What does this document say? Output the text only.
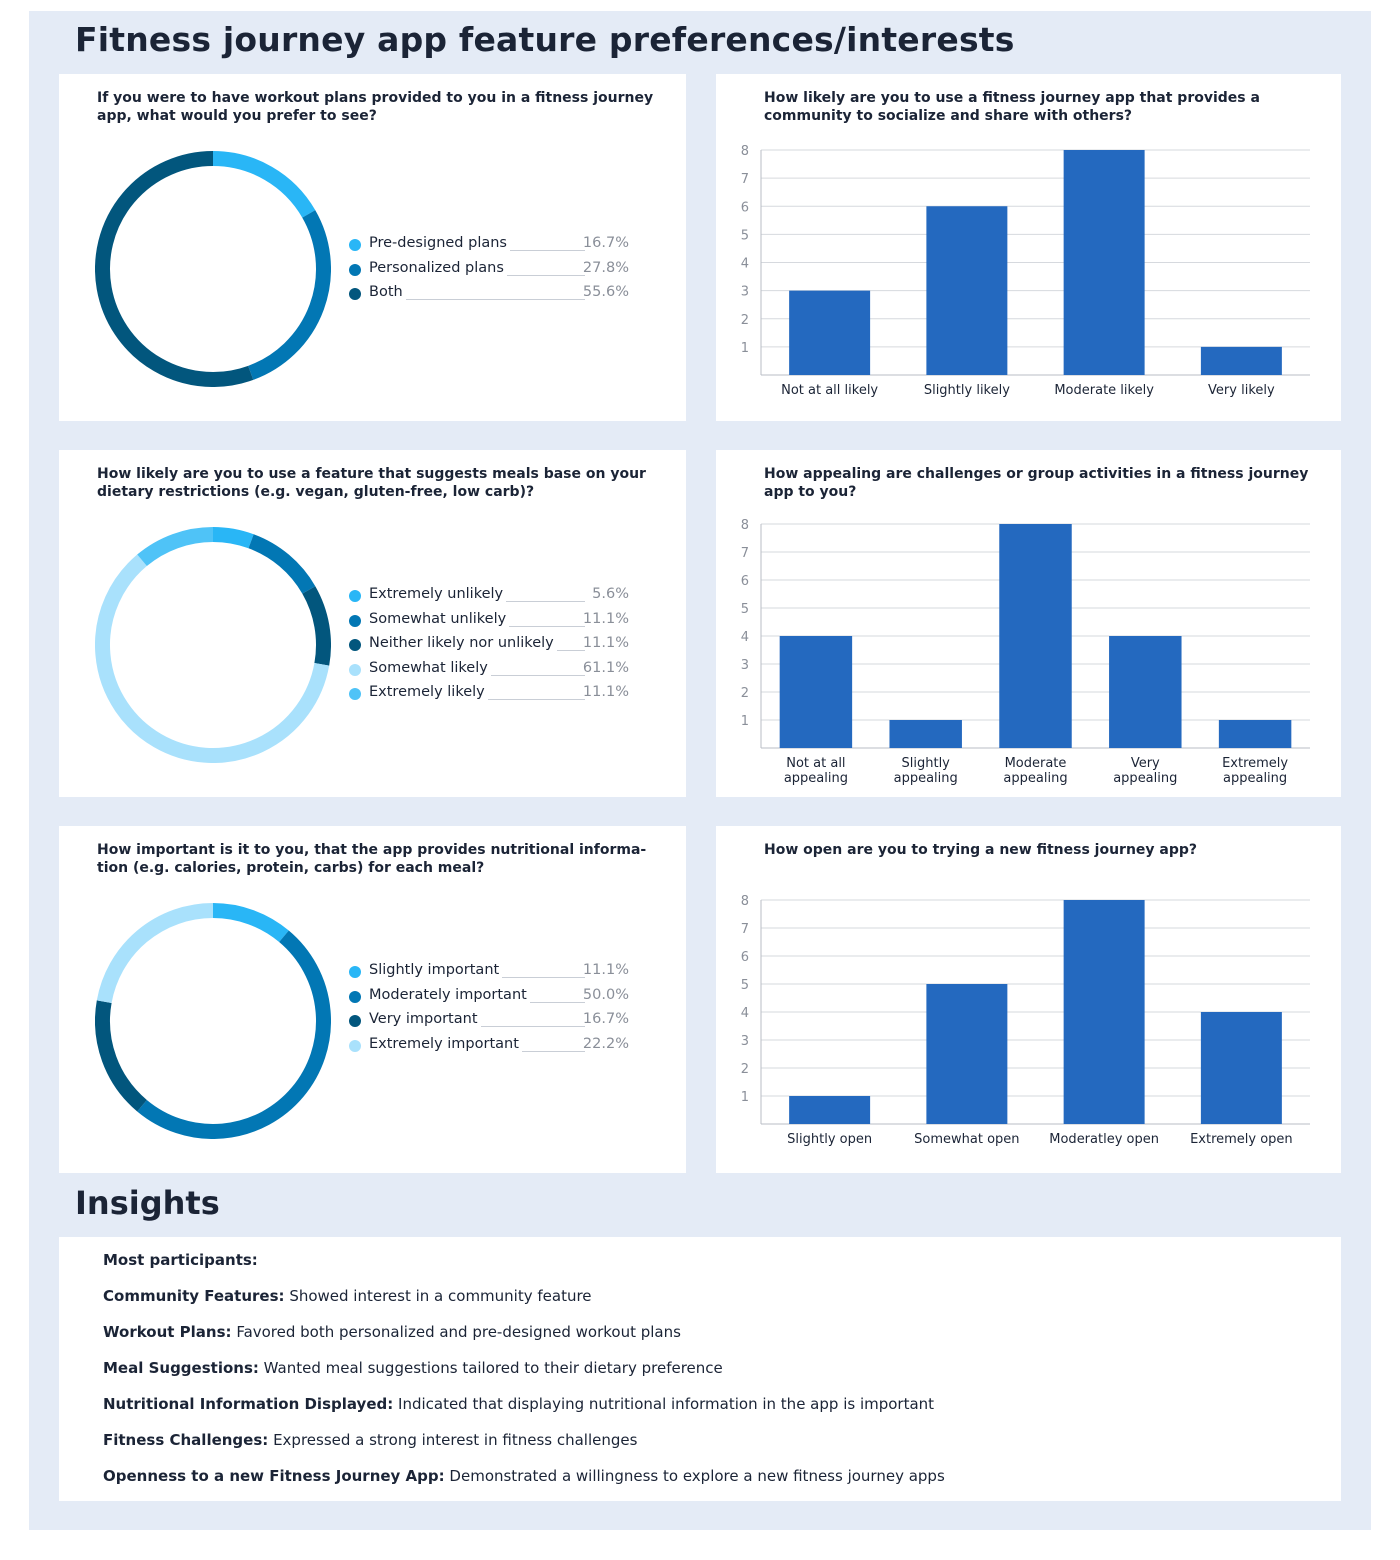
Fitness journey app feature preferences/interests

If you were to have workout plans provided to you in a fitness journey app, what would you prefer to see?

Pre-designed plans	16.7%
Personalized plans	27.8%
Both	55.6%

How likely are you to use a fitness journey app that provides a community to socialize and share with others?

1
2
3
4
5
6
7
8
Not at all likely	Slightly likely	Moderate likely	Very likely

How likely are you to use a feature that suggests meals base on your dietary restrictions (e.g. vegan, gluten-free, low carb)?

Extremely unlikely	5.6%
Somewhat unlikely	11.1%
Neither likely nor unlikely 11.1%
Somewhat likely	61.1%
Extremely likely	11.1%

How appealing are challenges or group activities in a fitness journey app to you?

1
2
3
4
5
6
7
8
Not at all
appealing
Slightly
appealing
Moderate
appealing
Very
appealing
Extremely
appealing

How important is it to you, that the app provides nutritional informa-tion (e.g. calories, protein, carbs) for each meal?

Slightly important	11.1%
Moderately important	50.0%
Very important	16.7%
Extremely important	22.2%

How open are you to trying a new fitness journey app?

1
2
3
4
5
6
7
8
Slightly open	Somewhat open Moderatley open Extremely open
Insights
Most participants:
Community Features: Showed interest in a community feature
Workout Plans: Favored both personalized and pre-designed workout plans
Meal Suggestions: Wanted meal suggestions tailored to their dietary preference
Nutritional Information Displayed: Indicated that displaying nutritional information in the app is important
Fitness Challenges: Expressed a strong interest in fitness challenges
Openness to a new Fitness Journey App: Demonstrated a willingness to explore a new fitness journey apps
